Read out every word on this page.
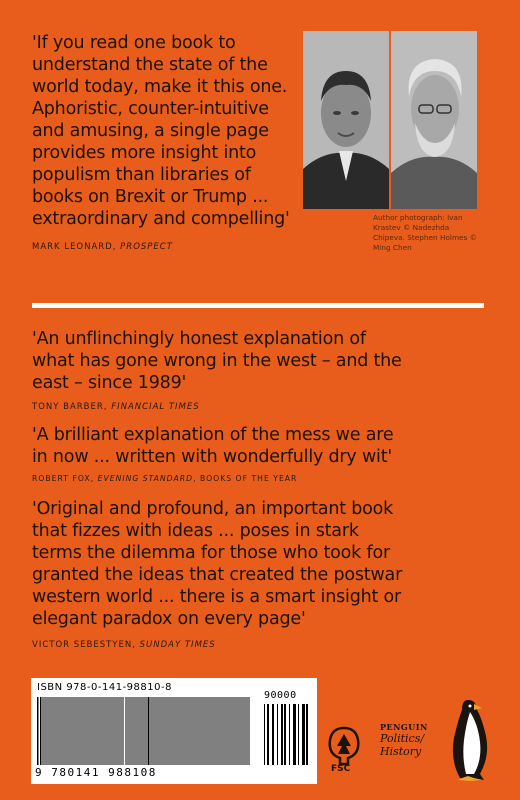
'If you read one book to

understand the state of the

world today, make it this one.

Aphoristic, counter-intuitive

and amusing, a single page

provides more insight into

populism than libraries of

books on Brexit or Trump ...

extraordinary and compelling'

MARK LEONARD, PROSPECT
Author photograph: Ivan
Krastev © Nadezhda
Chipeva. Stephen Holmes ©
Ming Chen

'An unflinchingly honest explanation of

what has gone wrong in the west – and the

east – since 1989'

TONY BARBER, FINANCIAL TIMES

'A brilliant explanation of the mess we are

in now ... written with wonderfully dry wit'

ROBERT FOX, EVENING STANDARD, BOOKS OF THE YEAR

'Original and profound, an important book

that fizzes with ideas ... poses in stark

terms the dilemma for those who took for

granted the ideas that created the postwar

western world ... there is a smart insight or

elegant paradox on every page'

VICTOR SEBESTYEN, SUNDAY TIMES
ISBN 978-0-141-98810-8
90000
9 780141 988108	FSC
PENGUIN
Politics/
History
